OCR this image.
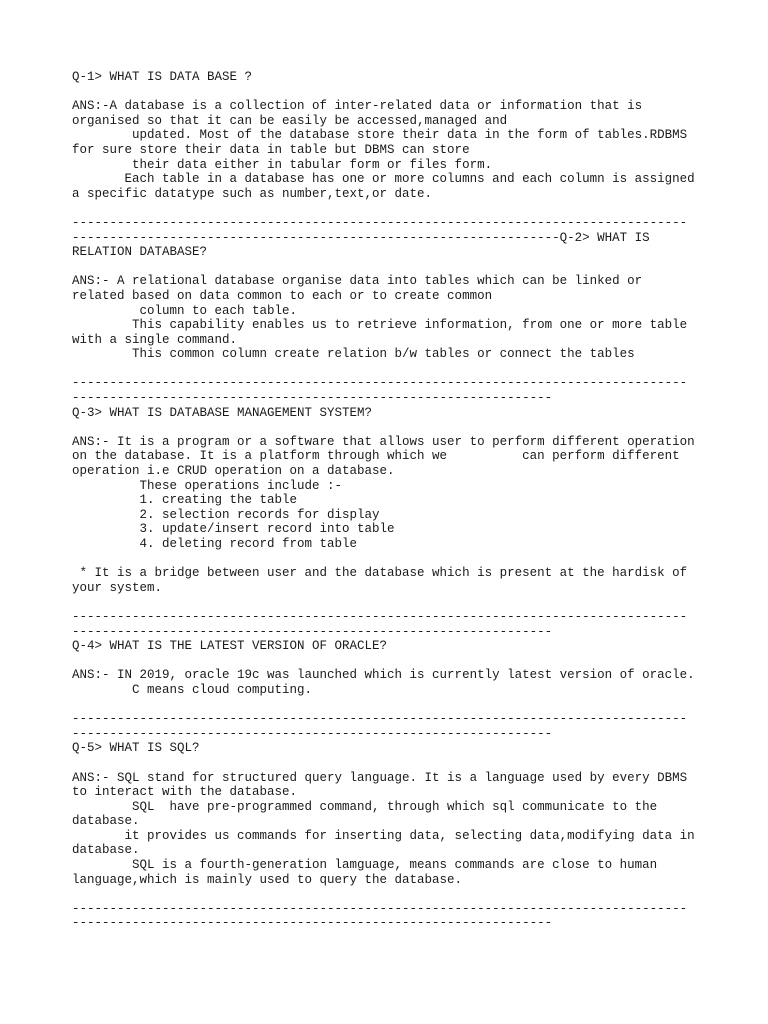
Q-1> WHAT IS DATA BASE ?
ANS:-A database is a collection of inter-related data or information that is
organised so that it can be easily be accessed,managed and
updated. Most of the database store their data in the form of tables.RDBMS
for sure store their data in table but DBMS can store
their data either in tabular form or files form.
Each table in a database has one or more columns and each column is assigned
a specific datatype such as number,text,or date.
----------------------------------------------------------------------------------
-----------------------------------------------------------------Q-2> WHAT IS
RELATION DATABASE?
ANS:- A relational database organise data into tables which can be linked or
related based on data common to each or to create common
column to each table.
This capability enables us to retrieve information, from one or more table
with a single command.
This common column create relation b/w tables or connect the tables
----------------------------------------------------------------------------------
----------------------------------------------------------------
Q-3> WHAT IS DATABASE MANAGEMENT SYSTEM?
ANS:- It is a program or a software that allows user to perform different operation
on the database. It is a platform through which we          can perform different
operation i.e CRUD operation on a database.
These operations include :-
1. creating the table
2. selection records for display
3. update/insert record into table
4. deleting record from table
* It is a bridge between user and the database which is present at the hardisk of
your system.
----------------------------------------------------------------------------------
----------------------------------------------------------------
Q-4> WHAT IS THE LATEST VERSION OF ORACLE?
ANS:- IN 2019, oracle 19c was launched which is currently latest version of oracle.
C means cloud computing.
----------------------------------------------------------------------------------
----------------------------------------------------------------
Q-5> WHAT IS SQL?
ANS:- SQL stand for structured query language. It is a language used by every DBMS
to interact with the database.
SQL  have pre-programmed command, through which sql communicate to the
database.
it provides us commands for inserting data, selecting data,modifying data in
database.
SQL is a fourth-generation lamguage, means commands are close to human
language,which is mainly used to query the database.
----------------------------------------------------------------------------------
----------------------------------------------------------------
